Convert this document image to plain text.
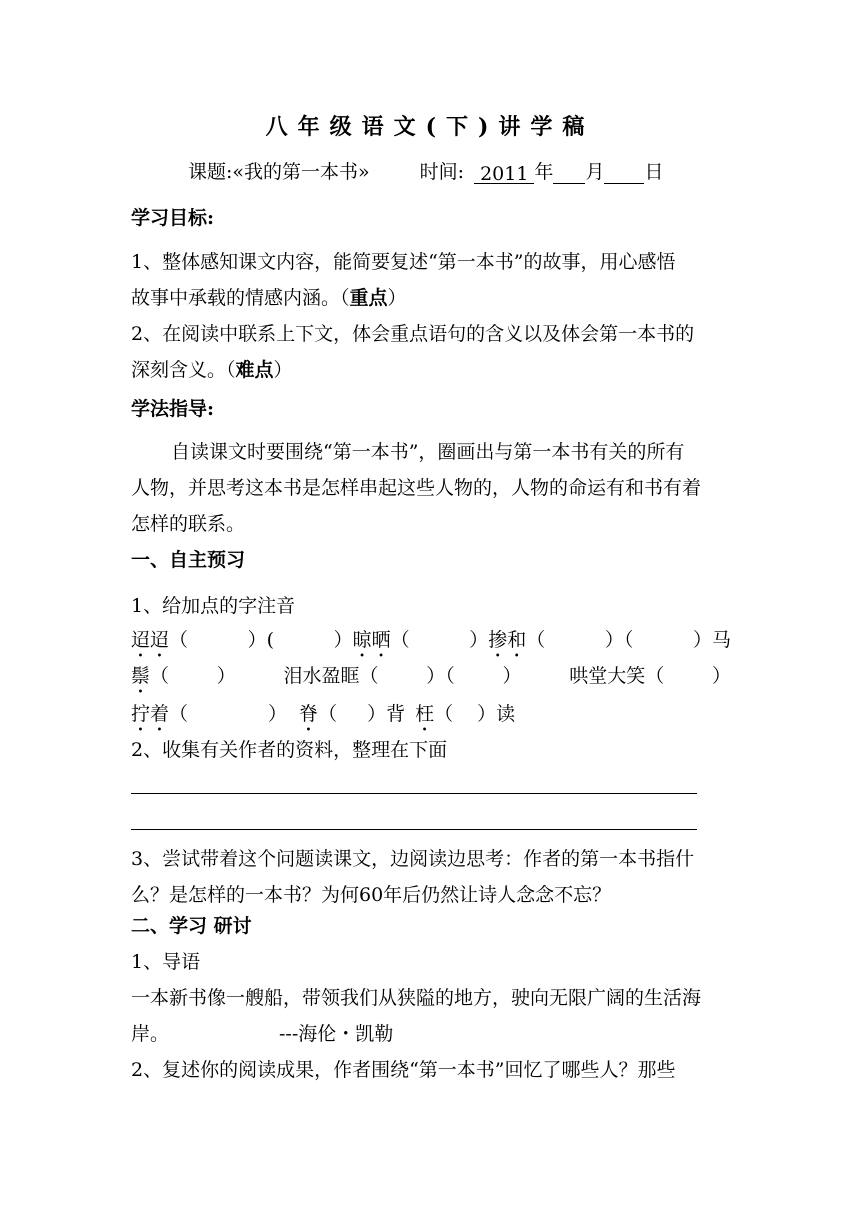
八年级语文(下)讲学稿
课题:«我的第一本书»	时间: 2011 年 月 日
学习目标:
1、整体感知课文内容，能简要复述“第一本书”的故事，用心感悟
故事中承载的情感内涵。（重点）
2、在阅读中联系上下文，体会重点语句的含义以及体会第一本书的
深刻含义。（难点）
学法指导:
自读课文时要围绕“第一本书”，圈画出与第一本书有关的所有
人物，并思考这本书是怎样串起这些人物的，人物的命运有和书有着
怎样的联系。
一、自主预习
1、给加点的字注音
迢迢（	）(	）晾晒（	）掺和（	）（	）马
鬃（	）	泪水盈眶（	）（	）	哄堂大笑（	）
拧着（	） 脊（ ）背 枉（ ）读
2、收集有关作者的资料，整理在下面
3、尝试带着这个问题读课文，边阅读边思考：作者的第一本书指什
么？是怎样的一本书？为何60年后仍然让诗人念念不忘？
二、学习 研讨
1、导语
一本新书像一艘船，带领我们从狭隘的地方，驶向无限广阔的生活海
岸。	---海伦・凯勒
2、复述你的阅读成果，作者围绕“第一本书”回忆了哪些人？那些
